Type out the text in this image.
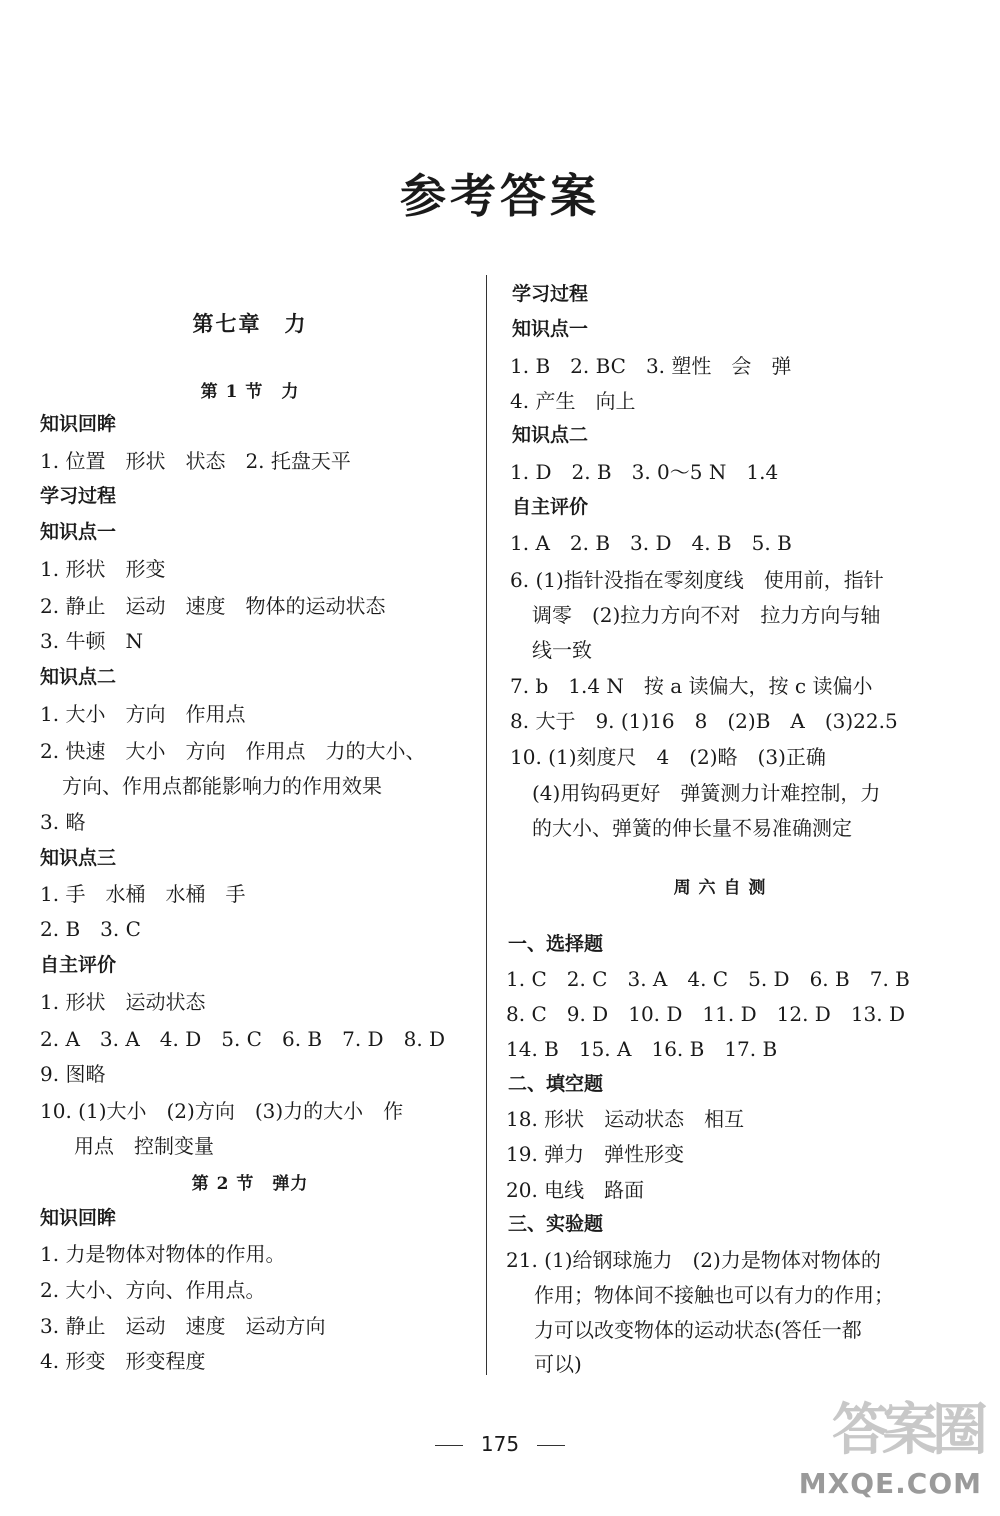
参考答案
第七章　力
第 1 节　力
知识回眸
1. 位置　形状　状态　2. 托盘天平
学习过程
知识点一
1. 形状　形变
2. 静止　运动　速度　物体的运动状态
3. 牛顿　N
知识点二
1. 大小　方向　作用点
2. 快速　大小　方向　作用点　力的大小、
方向、作用点都能影响力的作用效果
3. 略
知识点三
1. 手　水桶　水桶　手
2. B　3. C
自主评价
1. 形状　运动状态
2. A　3. A　4. D　5. C　6. B　7. D　8. D
9. 图略
10. (1)大小　(2)方向　(3)力的大小　作
用点　控制变量
第 2 节　弹力
知识回眸
1. 力是物体对物体的作用。
2. 大小、方向、作用点。
3. 静止　运动　速度　运动方向
4. 形变　形变程度
学习过程
知识点一
1. B　2. BC　3. 塑性　会　弹
4. 产生　向上
知识点二
1. D　2. B　3. 0～5 N　1.4
自主评价
1. A　2. B　3. D　4. B　5. B
6. (1)指针没指在零刻度线　使用前，指针
调零　(2)拉力方向不对　拉力方向与轴
线一致
7. b　1.4 N　按 a 读偏大，按 c 读偏小
8. 大于　9. (1)16　8　(2)B　A　(3)22.5
10. (1)刻度尺　4　(2)略　(3)正确
(4)用钩码更好　弹簧测力计难控制，力
的大小、弹簧的伸长量不易准确测定
周 六 自 测
一、选择题
1. C　2. C　3. A　4. C　5. D　6. B　7. B
8. C　9. D　10. D　11. D　12. D　13. D
14. B　15. A　16. B　17. B
二、填空题
18. 形状　运动状态　相互
19. 弹力　弹性形变
20. 电线　路面
三、实验题
21. (1)给钢球施力　(2)力是物体对物体的
作用；物体间不接触也可以有力的作用；
力可以改变物体的运动状态(答任一都
可以)
175	答案圈
MXQE.COM
